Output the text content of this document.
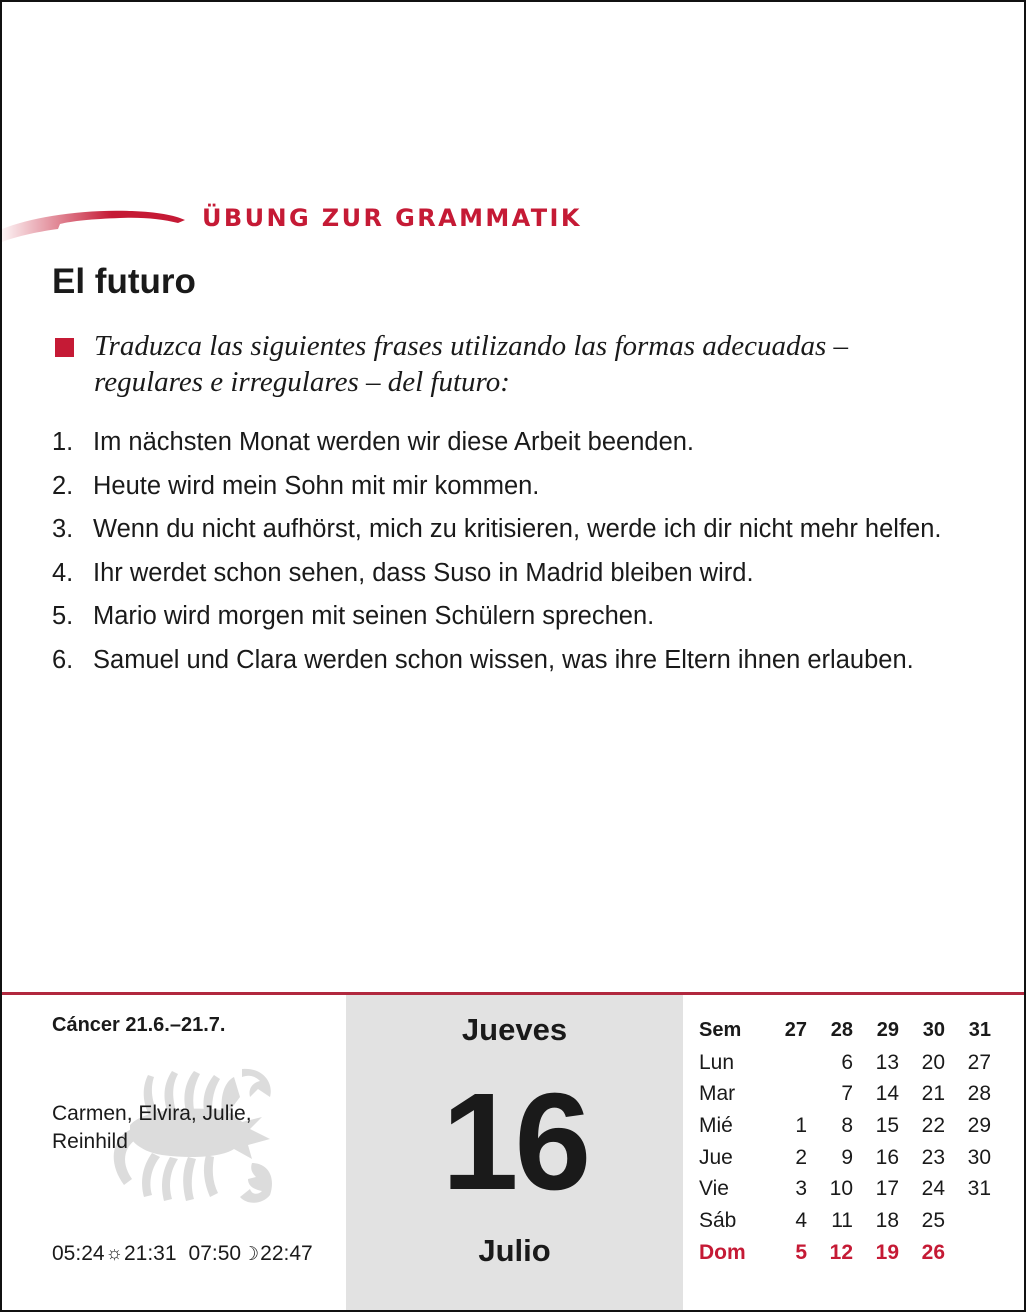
ÜBUNG ZUR GRAMMATIK
El futuro
Traduzca las siguientes frases utilizando las formas adecuadas – regulares e irregulares – del futuro:
1. Im nächsten Monat werden wir diese Arbeit beenden.
2. Heute wird mein Sohn mit mir kommen.
3. Wenn du nicht aufhörst, mich zu kritisieren, werde ich dir nicht mehr helfen.
4. Ihr werdet schon sehen, dass Suso in Madrid bleiben wird.
5. Mario wird morgen mit seinen Schülern sprechen.
6. Samuel und Clara werden schon wissen, was ihre Eltern ihnen erlauben.
Cáncer 21.6.–21.7.
Carmen, Elvira, Julie, Reinhild
05:24 ☼ 21:31 07:50 ☽ 22:47
Jueves
16
Julio
Sem	27	28	29	30	31
Lun		6	13	20	27
Mar		7	14	21	28
Mié	1	8	15	22	29
Jue	2	9	16	23	30
Vie	3	10	17	24	31
Sáb	4	11	18	25	
Dom	5	12	19	26	
